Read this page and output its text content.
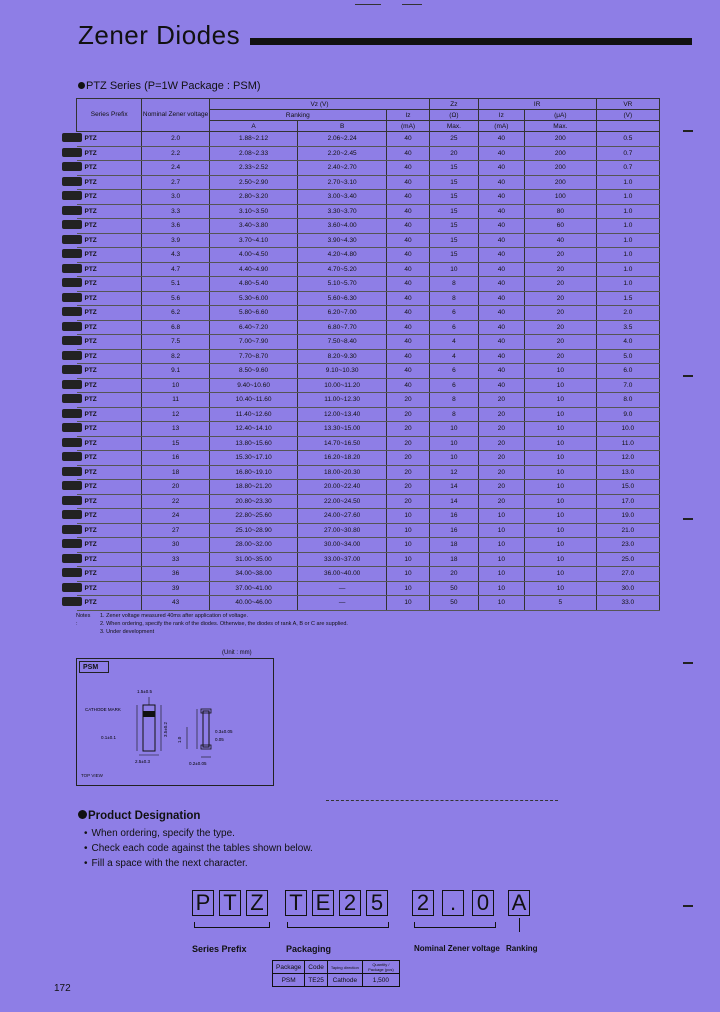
Zener Diodes
PTZ Series (P=1W Package : PSM)
Series Prefix	Nominal Zener voltage	Vz (V)			Zz	IR		VR
		Ranking		Iz	(Ω)	Iz	(μA)	(V)
		A	B	(mA)	Max.	(mA)	Max.	
PTZ	2.0	1.88~2.12	2.06~2.24	40	25	40	200	0.5
PTZ	2.2	2.08~2.33	2.20~2.45	40	20	40	200	0.7
PTZ	2.4	2.33~2.52	2.40~2.70	40	15	40	200	0.7
PTZ	2.7	2.50~2.90	2.70~3.10	40	15	40	200	1.0
PTZ	3.0	2.80~3.20	3.00~3.40	40	15	40	100	1.0
PTZ	3.3	3.10~3.50	3.30~3.70	40	15	40	80	1.0
PTZ	3.6	3.40~3.80	3.60~4.00	40	15	40	60	1.0
PTZ	3.9	3.70~4.10	3.90~4.30	40	15	40	40	1.0
PTZ	4.3	4.00~4.50	4.20~4.80	40	15	40	20	1.0
PTZ	4.7	4.40~4.90	4.70~5.20	40	10	40	20	1.0
PTZ	5.1	4.80~5.40	5.10~5.70	40	8	40	20	1.0
PTZ	5.6	5.30~6.00	5.60~6.30	40	8	40	20	1.5
PTZ	6.2	5.80~6.60	6.20~7.00	40	6	40	20	2.0
PTZ	6.8	6.40~7.20	6.80~7.70	40	6	40	20	3.5
PTZ	7.5	7.00~7.90	7.50~8.40	40	4	40	20	4.0
PTZ	8.2	7.70~8.70	8.20~9.30	40	4	40	20	5.0
PTZ	9.1	8.50~9.60	9.10~10.30	40	6	40	10	6.0
PTZ	10	9.40~10.60	10.00~11.20	40	6	40	10	7.0
PTZ	11	10.40~11.60	11.00~12.30	20	8	20	10	8.0
PTZ	12	11.40~12.60	12.00~13.40	20	8	20	10	9.0
PTZ	13	12.40~14.10	13.30~15.00	20	10	20	10	10.0
PTZ	15	13.80~15.60	14.70~16.50	20	10	20	10	11.0
PTZ	16	15.30~17.10	16.20~18.20	20	10	20	10	12.0
PTZ	18	16.80~19.10	18.00~20.30	20	12	20	10	13.0
PTZ	20	18.80~21.20	20.00~22.40	20	14	20	10	15.0
PTZ	22	20.80~23.30	22.00~24.50	20	14	20	10	17.0
PTZ	24	22.80~25.60	24.00~27.60	10	16	10	10	19.0
PTZ	27	25.10~28.90	27.00~30.80	10	16	10	10	21.0
PTZ	30	28.00~32.00	30.00~34.00	10	18	10	10	23.0
PTZ	33	31.00~35.00	33.00~37.00	10	18	10	10	25.0
PTZ	36	34.00~38.00	36.00~40.00	10	20	10	10	27.0
PTZ	39	37.00~41.00	—	10	50	10	10	30.0
PTZ	43	40.00~46.00	—	10	50	10	5	33.0
Notes :
1. Zener voltage measured 40ms after application of voltage.
2. When ordering, specify the rank of the diodes. Otherwise, the diodes of rank A, B or C are supplied.
3. Under development
(Unit : mm)
PSM
1.5±0.5
CATHODE MARK
0.1±0.1
2.5±0.3
3.5±0.2	0.3±0.05
1.0	0.05
0.2±0.05
TOP VIEW
Product Designation
• When ordering, specify the type.
• Check each code against the tables shown below.
• Fill a space with the next character.
P T Z T E 2 5 2 . 0 A
Series Prefix	Packaging	Nominal Zener voltage Ranking
Package	Code	Taping direction	Quantity / Package (pcs)
PSM	TE25	Cathode	1,500
172
